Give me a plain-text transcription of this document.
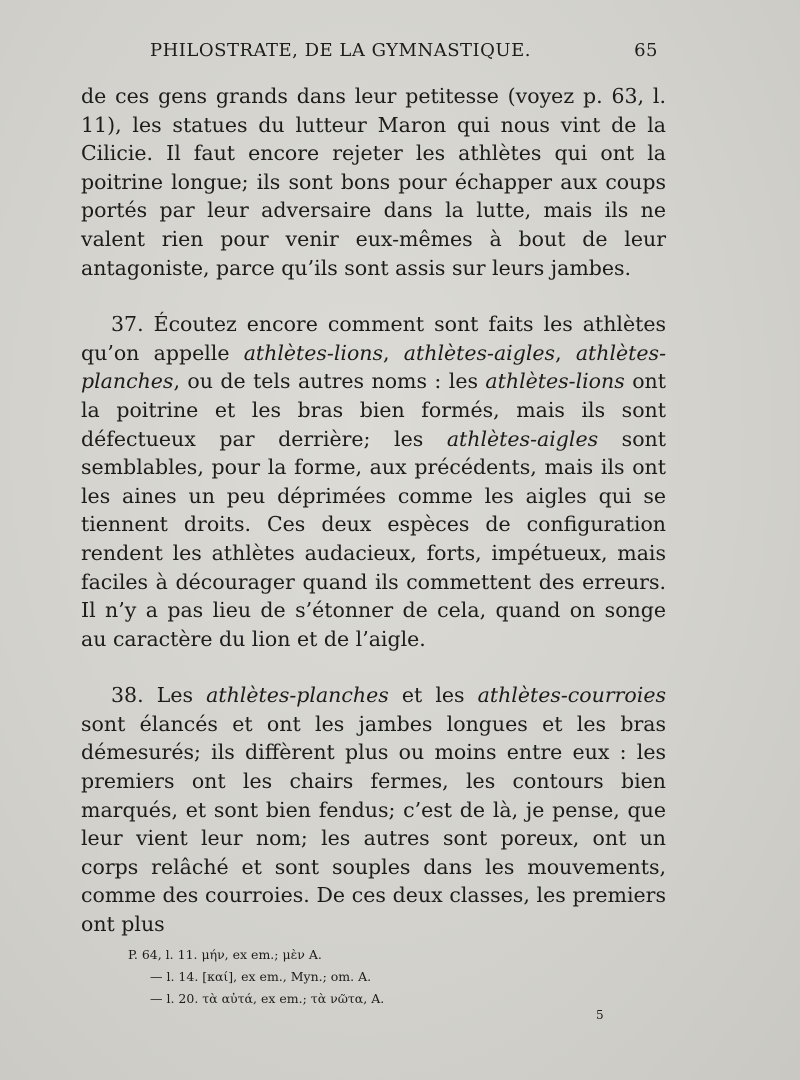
PHILOSTRATE, DE LA GYMNASTIQUE.	65

de ces gens grands dans leur petitesse (voyez p. 63, l. 11), les statues du lutteur Maron qui nous vint de la Cilicie. Il faut encore rejeter les athlètes qui ont la poitrine longue; ils sont bons pour échapper aux coups portés par leur adversaire dans la lutte, mais ils ne valent rien pour venir eux-mêmes à bout de leur antagoniste, parce qu’ils sont assis sur leurs jambes.

37. Écoutez encore comment sont faits les athlètes qu’on appelle athlètes-lions, athlètes-aigles, athlètes-planches, ou de tels autres noms : les athlètes-lions ont la poitrine et les bras bien formés, mais ils sont défectueux par derrière; les athlètes-aigles sont semblables, pour la forme, aux précédents, mais ils ont les aines un peu déprimées comme les aigles qui se tiennent droits. Ces deux espèces de configuration rendent les athlètes audacieux, forts, impétueux, mais faciles à décourager quand ils commettent des erreurs. Il n’y a pas lieu de s’étonner de cela, quand on songe au caractère du lion et de l’aigle.

38. Les athlètes-planches et les athlètes-courroies sont élancés et ont les jambes longues et les bras démesurés; ils diffèrent plus ou moins entre eux : les premiers ont les chairs fermes, les contours bien marqués, et sont bien fendus; c’est de là, je pense, que leur vient leur nom; les autres sont poreux, ont un corps relâché et sont souples dans les mouvements, comme des courroies. De ces deux classes, les premiers ont plus

P. 64, l. 11. μήν, ex em.; μὲν A.
— l. 14. [καί], ex em., Myn.; om. A.
— l. 20. τὰ αὐτά, ex em.; τὰ νῶτα, A.
5
